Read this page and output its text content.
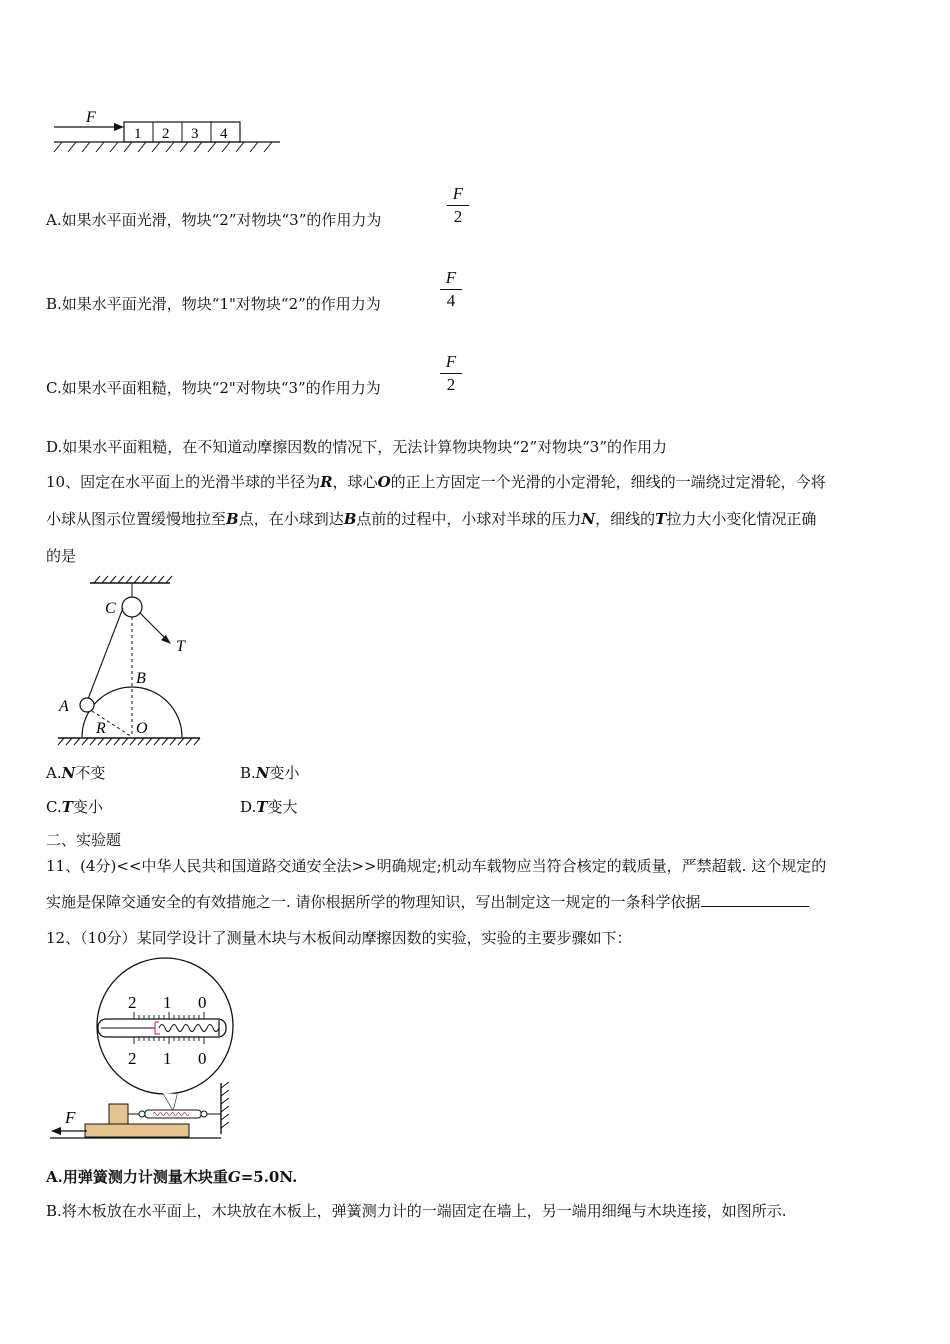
F
1 2 3 4
A.如果水平面光滑，物块“2”对物块“3”的作用力为
F
2
B.如果水平面光滑，物块“1"对物块“2”的作用力为
F
4
C.如果水平面粗糙，物块“2"对物块“3”的作用力为
F
2
D.如果水平面粗糙，在不知道动摩擦因数的情况下，无法计算物块物块“2”对物块“3”的作用力
10、固定在水平面上的光滑半球的半径为R，球心O的正上方固定一个光滑的小定滑轮，细线的一端绕过定滑轮，今将
小球从图示位置缓慢地拉至B点，在小球到达B点前的过程中，小球对半球的压力N，细线的T拉力大小变化情况正确
的是
C
T
A
B
R O
A.N不变	B.N变小
C.T变小	D.T变大
二、实验题
11、(4分)<<中华人民共和国道路交通安全法>>明确规定;机动车载物应当符合核定的载质量，严禁超载. 这个规定的
实施是保障交通安全的有效措施之一. 请你根据所学的物理知识，写出制定这一规定的一条科学依据
12、（10分）某同学设计了测量木块与木板间动摩擦因数的实验，实验的主要步骤如下：
2 1 0
2 1 0
F
A.用弹簧测力计测量木块重G=5.0N.
B.将木板放在水平面上，木块放在木板上，弹簧测力计的一端固定在墙上，另一端用细绳与木块连接，如图所示.
